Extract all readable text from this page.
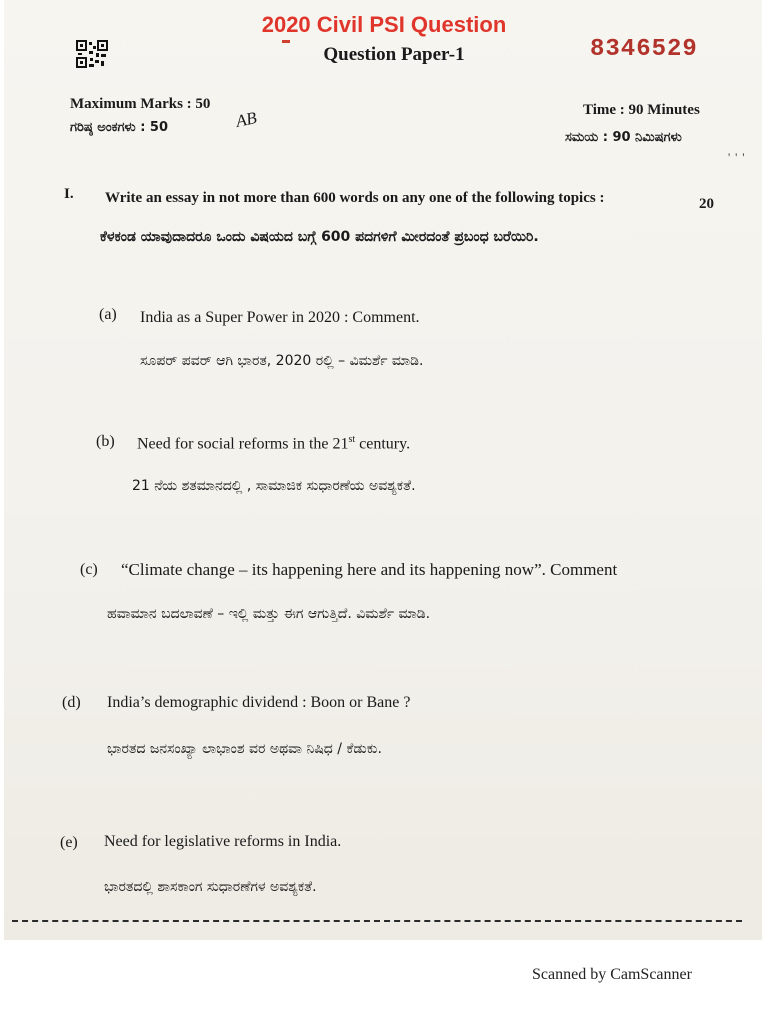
2020 Civil PSI Question
Question Paper-1	8346529
Maximum Marks : 50
ಗರಿಷ್ಠ ಅಂಕಗಳು : 50	AB	Time : 90 Minutes
ಸಮಯ : 90 ನಿಮಿಷಗಳು
' ' '
I. Write an essay in not more than 600 words on any one of the following topics :	20
ಕೆಳಕಂಡ ಯಾವುದಾದರೂ ಒಂದು ವಿಷಯದ ಬಗ್ಗೆ 600 ಪದಗಳಿಗೆ ಮೀರದಂತೆ ಪ್ರಬಂಧ ಬರೆಯಿರಿ.
(a) India as a Super Power in 2020 : Comment.
ಸೂಪರ್ ಪವರ್ ಆಗಿ ಭಾರತ, 2020 ರಲ್ಲಿ – ವಿಮರ್ಶೆ ಮಾಡಿ.
(b) Need for social reforms in the 21st century.
21 ನೆಯ ಶತಮಾನದಲ್ಲಿ , ಸಾಮಾಜಿಕ ಸುಧಾರಣೆಯ ಅವಶ್ಯಕತೆ.
(c) “Climate change – its happening here and its happening now”. Comment
ಹವಾಮಾನ ಬದಲಾವಣೆ – ಇಲ್ಲಿ ಮತ್ತು ಈಗ ಆಗುತ್ತಿದೆ. ವಿಮರ್ಶೆ ಮಾಡಿ.
(d) India’s demographic dividend : Boon or Bane ?
ಭಾರತದ ಜನಸಂಖ್ಯಾ ಲಾಭಾಂಶ ವರ ಅಥವಾ ನಿಷಿಧ / ಕೆಡುಕು.
(e) Need for legislative reforms in India.
ಭಾರತದಲ್ಲಿ ಶಾಸಕಾಂಗ ಸುಧಾರಣೆಗಳ ಅವಶ್ಯಕತೆ.
Scanned by CamScanner
